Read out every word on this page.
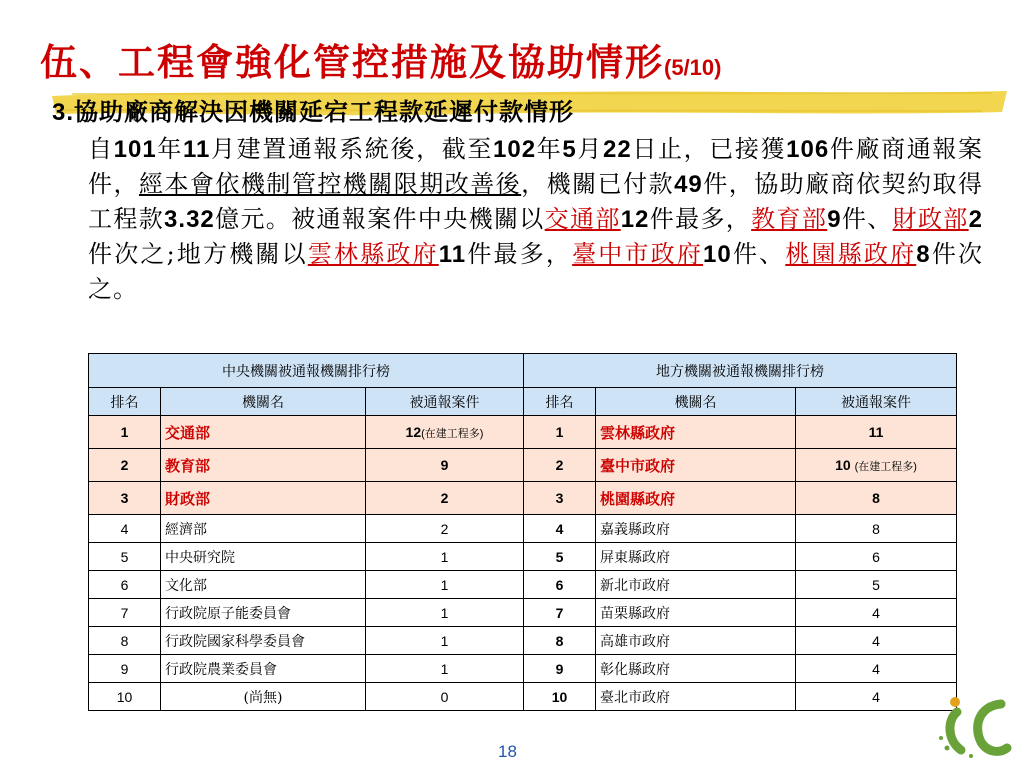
伍、工程會強化管控措施及協助情形(5/10)
3.協助廠商解決因機關延宕工程款延遲付款情形
自101年11月建置通報系統後，截至102年5月22日止，已接獲106件廠商通報案件，經本會依機制管控機關限期改善後，機關已付款49件，協助廠商依契約取得工程款3.32億元。被通報案件中央機關以交通部12件最多，教育部9件、財政部2件次之;地方機關以雲林縣政府11件最多，臺中市政府10件、桃園縣政府8件次之。
中央機關被通報機關排行榜			地方機關被通報機關排行榜		
排名	機關名	被通報案件	排名	機關名	被通報案件
1	交通部	12(在建工程多)	1	雲林縣政府	11
2	教育部	9	2	臺中市政府	10 (在建工程多)
3	財政部	2	3	桃園縣政府	8
4	經濟部	2	4	嘉義縣政府	8
5	中央研究院	1	5	屏東縣政府	6
6	文化部	1	6	新北市政府	5
7	行政院原子能委員會	1	7	苗栗縣政府	4
8	行政院國家科學委員會	1	8	高雄市政府	4
9	行政院農業委員會	1	9	彰化縣政府	4
10	(尚無)	0	10	臺北市政府	4
18
